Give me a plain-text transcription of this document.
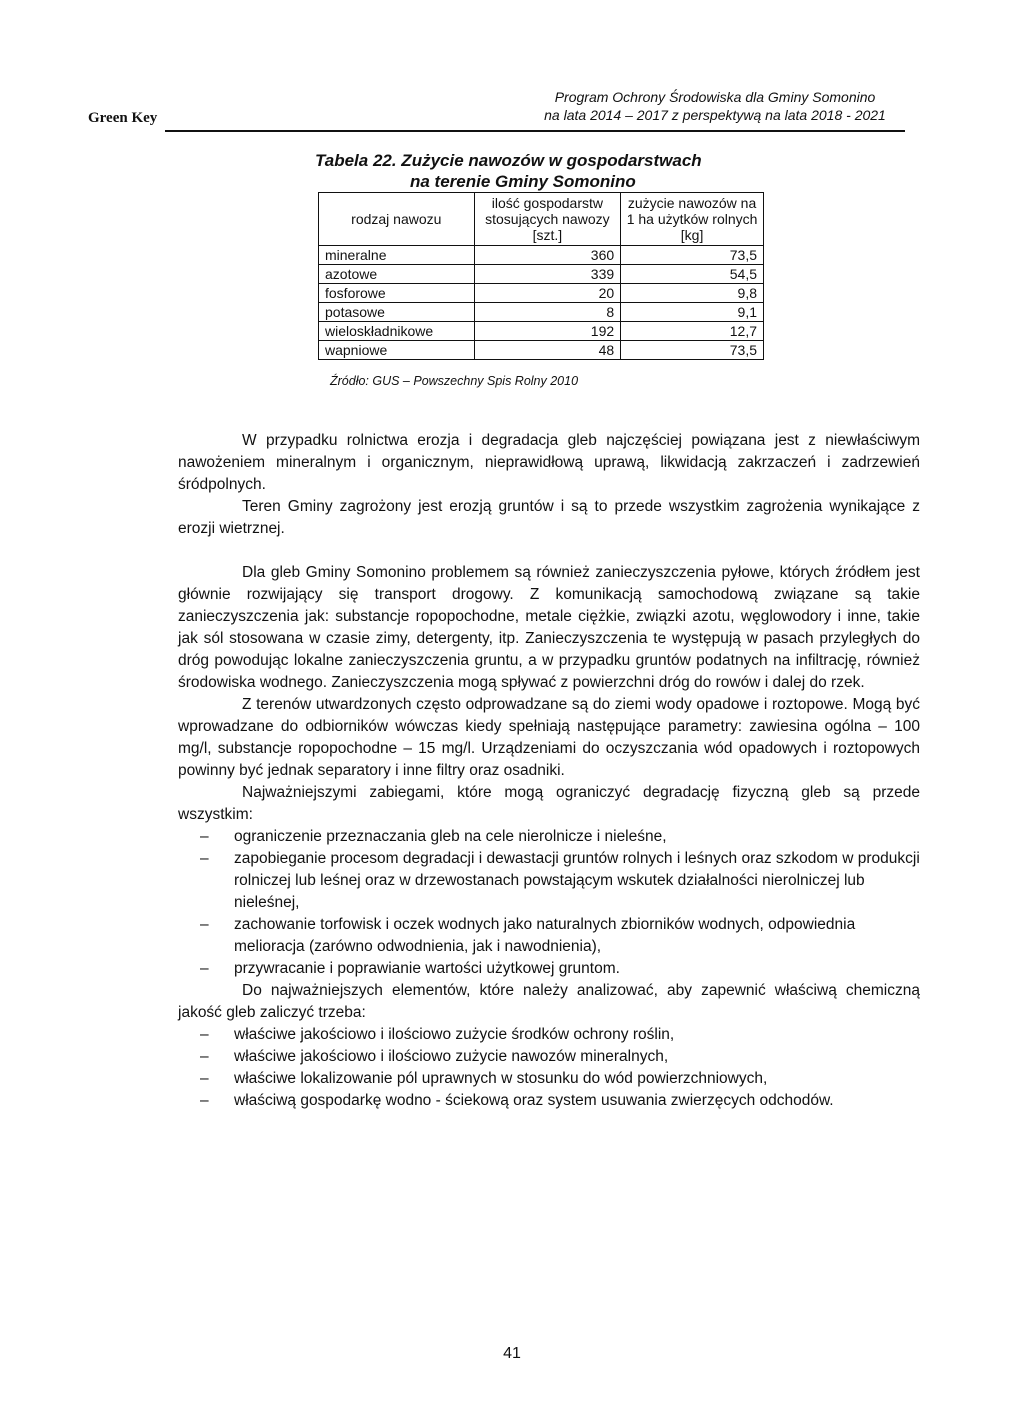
Green Key
Program Ochrony Środowiska dla Gminy Somonino
na lata 2014 – 2017 z perspektywą na lata 2018 - 2021
Tabela 22. Zużycie nawozów w gospodarstwach
na terenie Gminy Somonino
rodzaj nawozu	ilość gospodarstw stosujących nawozy [szt.]	zużycie nawozów na 1 ha użytków rolnych [kg]
mineralne	360	73,5
azotowe	339	54,5
fosforowe	20	9,8
potasowe	8	9,1
wieloskładnikowe	192	12,7
wapniowe	48	73,5
Źródło: GUS – Powszechny Spis Rolny 2010

W przypadku rolnictwa erozja i degradacja gleb najczęściej powiązana jest z niewłaściwym nawożeniem mineralnym i organicznym, nieprawidłową uprawą, likwidacją zakrzaczeń i zadrzewień śródpolnych.

Teren Gminy zagrożony jest erozją gruntów i są to przede wszystkim zagrożenia wynikające z erozji wietrznej.

Dla gleb Gminy Somonino problemem są również zanieczyszczenia pyłowe, których źródłem jest głównie rozwijający się transport drogowy. Z komunikacją samochodową związane są takie zanieczyszczenia jak: substancje ropopochodne, metale ciężkie, związki azotu, węglowodory i inne, takie jak sól stosowana w czasie zimy, detergenty, itp. Zanieczyszczenia te występują w pasach przyległych do dróg powodując lokalne zanieczyszczenia gruntu, a w przypadku gruntów podatnych na infiltrację, również środowiska wodnego. Zanieczyszczenia mogą spływać z powierzchni dróg do rowów i dalej do rzek.

Z terenów utwardzonych często odprowadzane są do ziemi wody opadowe i roztopowe. Mogą być wprowadzane do odbiorników wówczas kiedy spełniają następujące parametry: zawiesina ogólna – 100 mg/l, substancje ropopochodne – 15 mg/l. Urządzeniami do oczyszczania wód opadowych i roztopowych powinny być jednak separatory i inne filtry oraz osadniki.

Najważniejszymi zabiegami, które mogą ograniczyć degradację fizyczną gleb są przede wszystkim:

– ograniczenie przeznaczania gleb na cele nierolnicze i nieleśne,
– zapobieganie procesom degradacji i dewastacji gruntów rolnych i leśnych oraz szkodom w produkcji rolniczej lub leśnej oraz w drzewostanach powstającym wskutek działalności nierolniczej lub nieleśnej,
– zachowanie torfowisk i oczek wodnych jako naturalnych zbiorników wodnych, odpowiednia melioracja (zarówno odwodnienia, jak i nawodnienia),
– przywracanie i poprawianie wartości użytkowej gruntom.

Do najważniejszych elementów, które należy analizować, aby zapewnić właściwą chemiczną jakość gleb zaliczyć trzeba:

– właściwe jakościowo i ilościowo zużycie środków ochrony roślin,
– właściwe jakościowo i ilościowo zużycie nawozów mineralnych,
– właściwe lokalizowanie pól uprawnych w stosunku do wód powierzchniowych,
– właściwą gospodarkę wodno - ściekową oraz system usuwania zwierzęcych odchodów.
41
